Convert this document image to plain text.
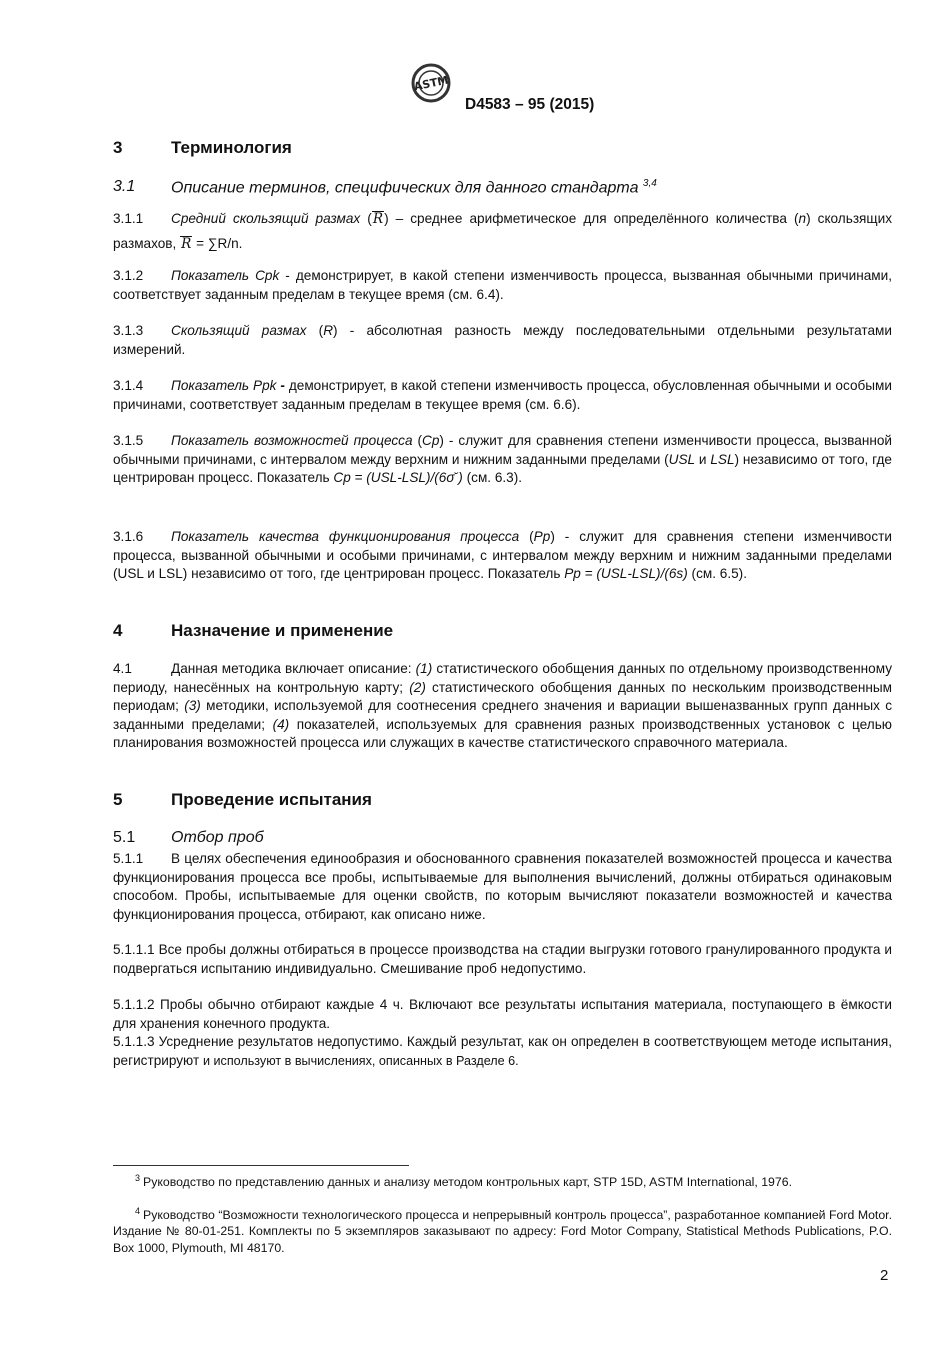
ASTM
D4583 – 95 (2015)
3	Терминология
3.1 Описание терминов, специфических для данного стандарта $^{3,4}$
3.1.1 Средний скользящий размах (R) – среднее арифметическое для определённого количества (n) скользящих размахов, R = ∑R/n.
3.1.2 Показатель Cpk - демонстрирует, в какой степени изменчивость процесса, вызванная обычными причинами, соответствует заданным пределам в текущее время (см. 6.4).
3.1.3 Скользящий размах (R) - абсолютная разность между последовательными отдельными результатами измерений.
3.1.4 Показатель Ppk - демонстрирует, в какой степени изменчивость процесса, обусловленная обычными и особыми причинами, соответствует заданным пределам в текущее время (см. 6.6).
3.1.5 Показатель возможностей процесса (Cp) - служит для сравнения степени изменчивости процесса, вызванной обычными причинами, с интервалом между верхним и нижним заданными пределами (USL и LSL) независимо от того, где центрирован процесс. Показатель Cp = (USL-LSL)/(6σ̆ ) (см. 6.3).
3.1.6 Показатель качества функционирования процесса (Pp) - служит для сравнения степени изменчивости процесса, вызванной обычными и особыми причинами, с интервалом между верхним и нижним заданными пределами (USL и LSL) независимо от того, где центрирован процесс. Показатель Pp = (USL-LSL)/(6s) (см. 6.5).
4	Назначение и применение
4.1	Данная методика включает описание: (1) статистического обобщения данных по отдельному производственному периоду, нанесённых на контрольную карту; (2) статистического обобщения данных по нескольким производственным периодам; (3) методики, используемой для соотнесения среднего значения и вариации вышеназванных групп данных с заданными пределами; (4) показателей, используемых для сравнения разных производственных установок с целью планирования возможностей процесса или служащих в качестве статистического справочного материала.
5	Проведение испытания
5.1 Отбор проб
5.1.1 В целях обеспечения единообразия и обоснованного сравнения показателей возможностей процесса и качества функционирования процесса все пробы, испытываемые для выполнения вычислений, должны отбираться одинаковым способом. Пробы, испытываемые для оценки свойств, по которым вычисляют показатели возможностей и качества функционирования процесса, отбирают, как описано ниже.
5.1.1.1 Все пробы должны отбираться в процессе производства на стадии выгрузки готового гранулированного продукта и подвергаться испытанию индивидуально. Смешивание проб недопустимо.
5.1.1.2 Пробы обычно отбирают каждые 4 ч. Включают все результаты испытания материала, поступающего в ёмкости для хранения конечного продукта.
5.1.1.3 Усреднение результатов недопустимо. Каждый результат, как он определен в соответствующем методе испытания, регистрируют и используют в вычислениях, описанных в Разделе 6.
$^3$ Руководство по представлению данных и анализу методом контрольных карт, STP 15D, ASTM International, 1976.
$^4$ Руководство “Возможности технологического процесса и непрерывный контроль процесса”, разработанное компанией Ford Motor. Издание № 80-01-251. Комплекты по 5 экземпляров заказывают по адресу: Ford Motor Company, Statistical Methods Publications, P.O. Box 1000, Plymouth, MI 48170.
2
